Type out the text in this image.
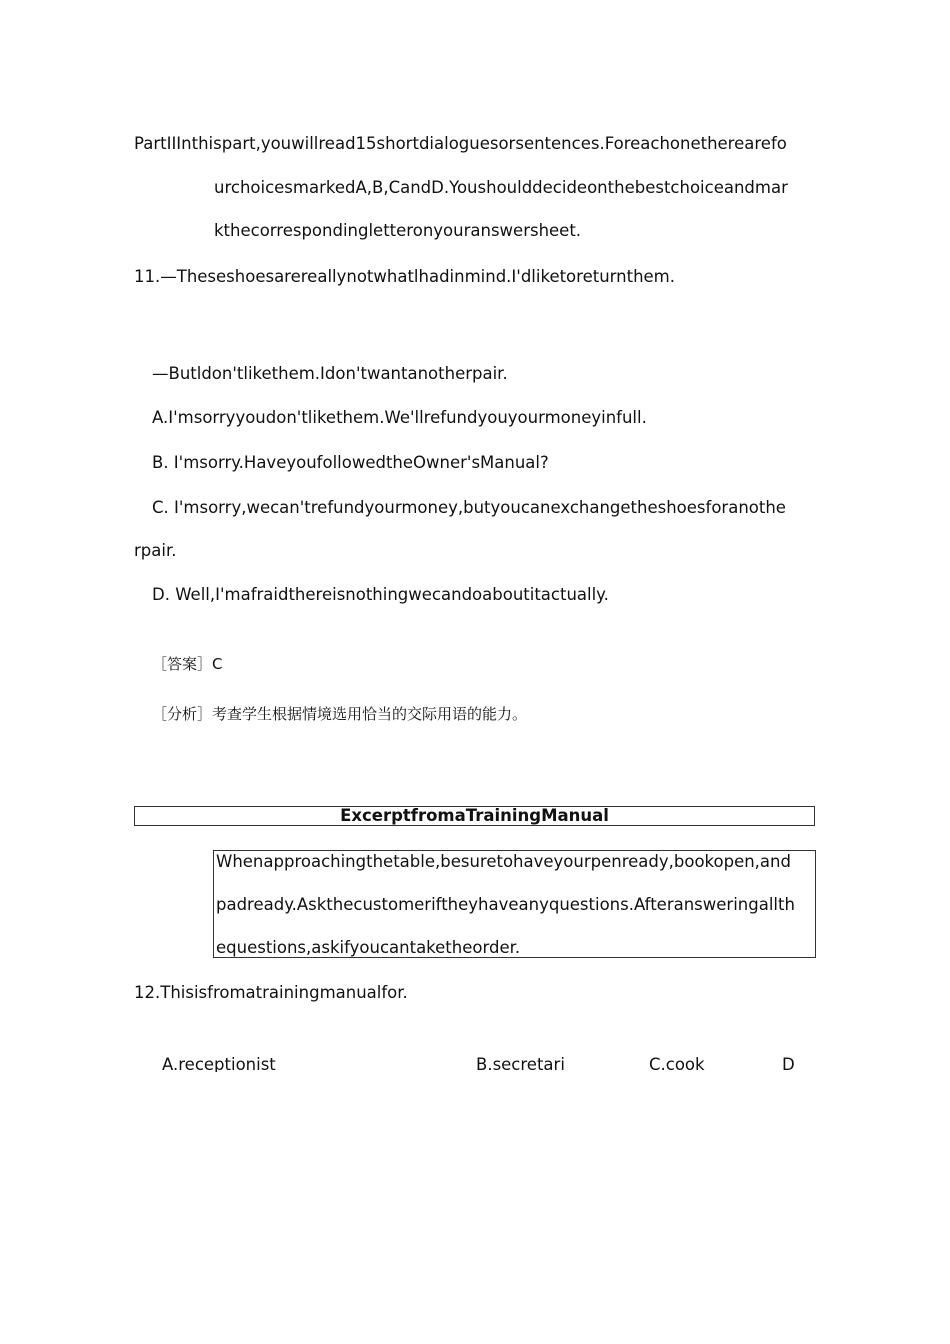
PartIIInthispart,youwillread15shortdialoguesorsentences.Foreachonetherearefo
urchoicesmarkedA,B,CandD.Youshoulddecideonthebestchoiceandmar
kthecorrespondingletteronyouranswersheet.
11.—Theseshoesarereallynotwhatlhadinmind.I'dliketoreturnthem.
—Butldon'tlikethem.Idon'twantanotherpair.
A.I'msorryyoudon'tlikethem.We'llrefundyouyourmoneyinfull.
B. I'msorry.HaveyoufollowedtheOwner'sManual?
C. I'msorry,wecan'trefundyourmoney,butyoucanexchangetheshoesforanothe
rpair.
D. Well,I'mafraidthereisnothingwecandoaboutitactually.
［答案］C
［分析］考查学生根据情境选用恰当的交际用语的能力。
ExcerptfromaTrainingManual
Whenapproachingthetable,besuretohaveyourpenready,bookopen,and
padready.Askthecustomeriftheyhaveanyquestions.Afteransweringallth
equestions,askifyoucantaketheorder.
12.Thisisfromatrainingmanualfor.
A.receptionist	B.secretari	C.cook	D
